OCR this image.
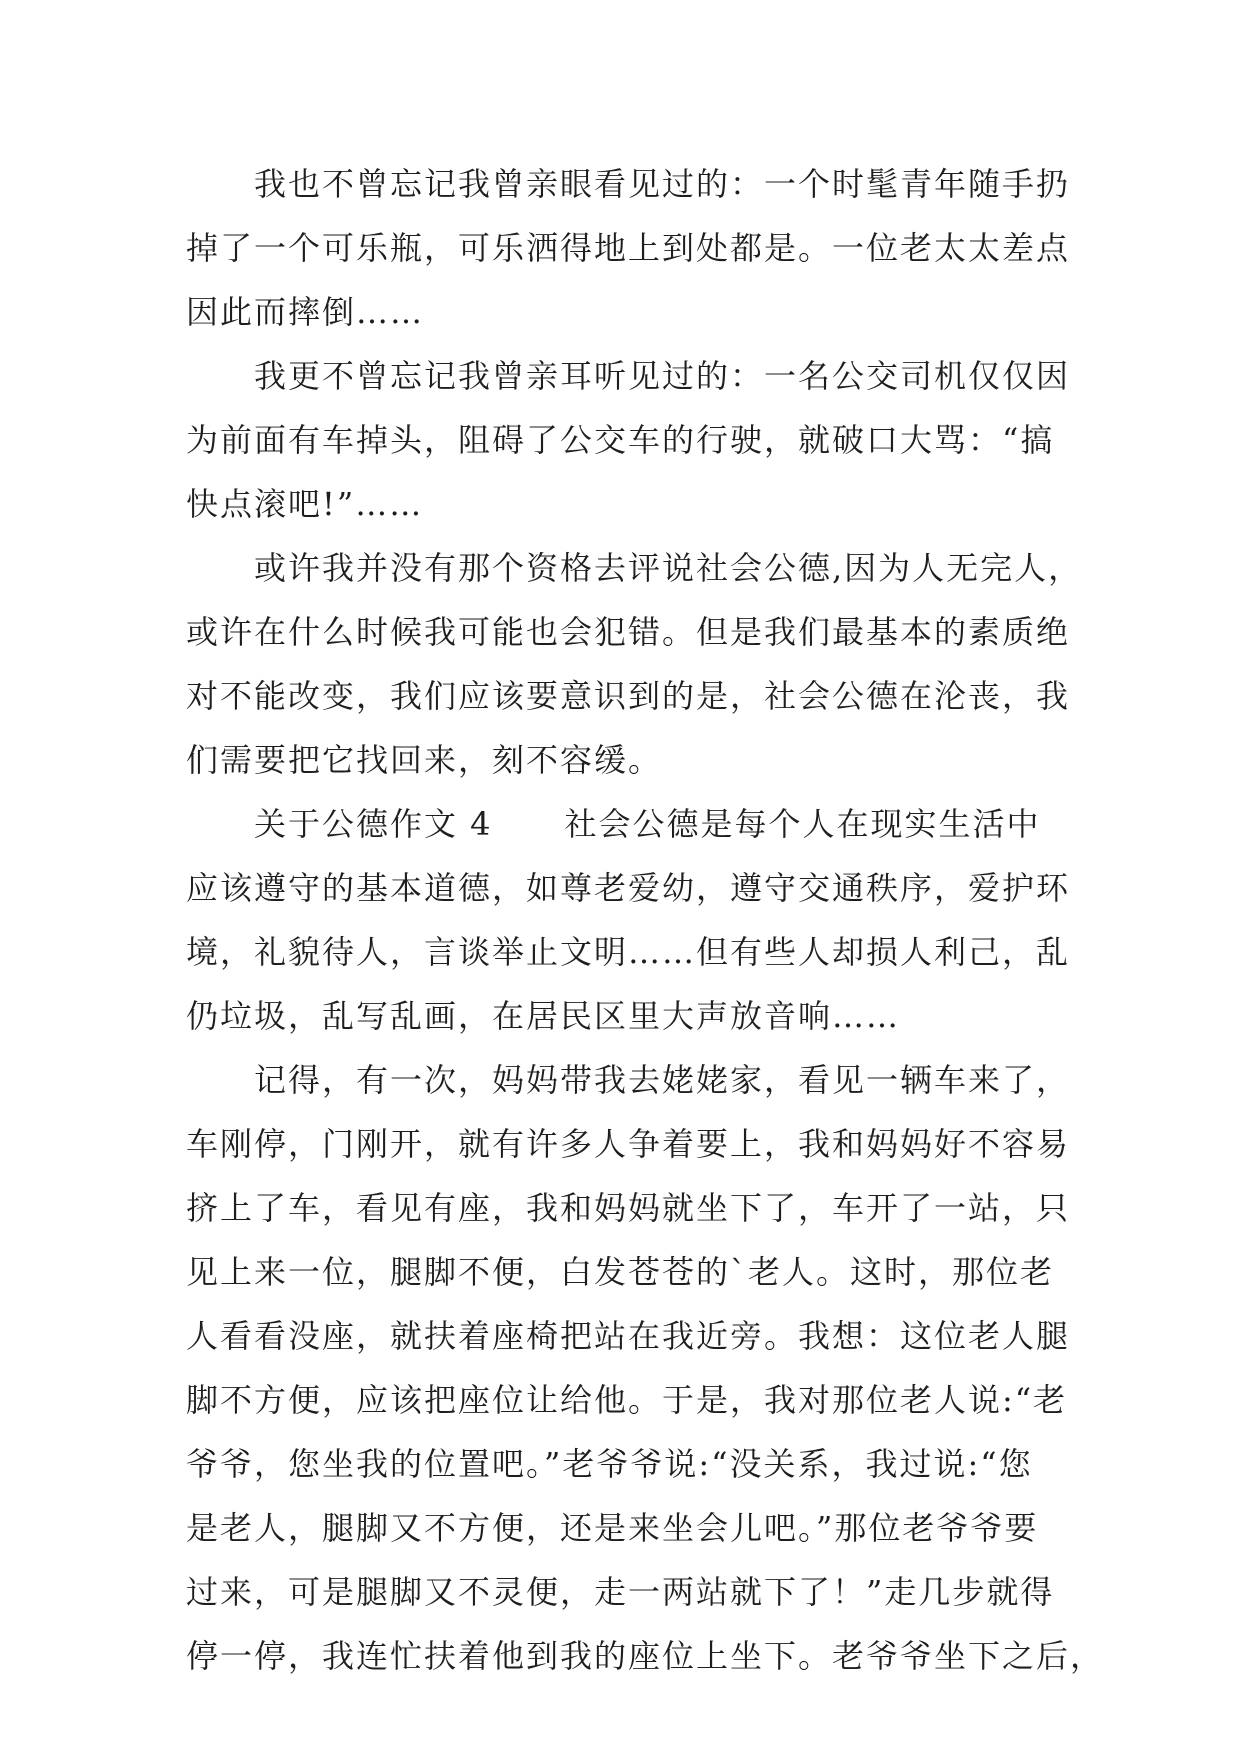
我也不曾忘记我曾亲眼看见过的：一个时髦青年随手扔
掉了一个可乐瓶，可乐洒得地上到处都是。一位老太太差点
因此而摔倒……
我更不曾忘记我曾亲耳听见过的：一名公交司机仅仅因
为前面有车掉头，阻碍了公交车的行驶，就破口大骂：“搞
快点滚吧!”……
或许我并没有那个资格去评说社会公德,因为人无完人，
或许在什么时候我可能也会犯错。但是我们最基本的素质绝
对不能改变，我们应该要意识到的是，社会公德在沦丧，我
们需要把它找回来，刻不容缓。
关于公德作文 4 社会公德是每个人在现实生活中
应该遵守的基本道德，如尊老爱幼，遵守交通秩序，爱护环
境，礼貌待人，言谈举止文明……但有些人却损人利己，乱
仍垃圾，乱写乱画，在居民区里大声放音响……
记得，有一次，妈妈带我去姥姥家，看见一辆车来了，
车刚停，门刚开，就有许多人争着要上，我和妈妈好不容易
挤上了车，看见有座，我和妈妈就坐下了，车开了一站，只
见上来一位，腿脚不便，白发苍苍的`老人。这时，那位老
人看看没座，就扶着座椅把站在我近旁。我想：这位老人腿
脚不方便，应该把座位让给他。于是，我对那位老人说:“老
爷爷，您坐我的位置吧。”老爷爷说:“没关系，我过说:“您
是老人，腿脚又不方便，还是来坐会儿吧。”那位老爷爷要
过来，可是腿脚又不灵便，走一两站就下了！”走几步就得
停一停，我连忙扶着他到我的座位上坐下。老爷爷坐下之后，
